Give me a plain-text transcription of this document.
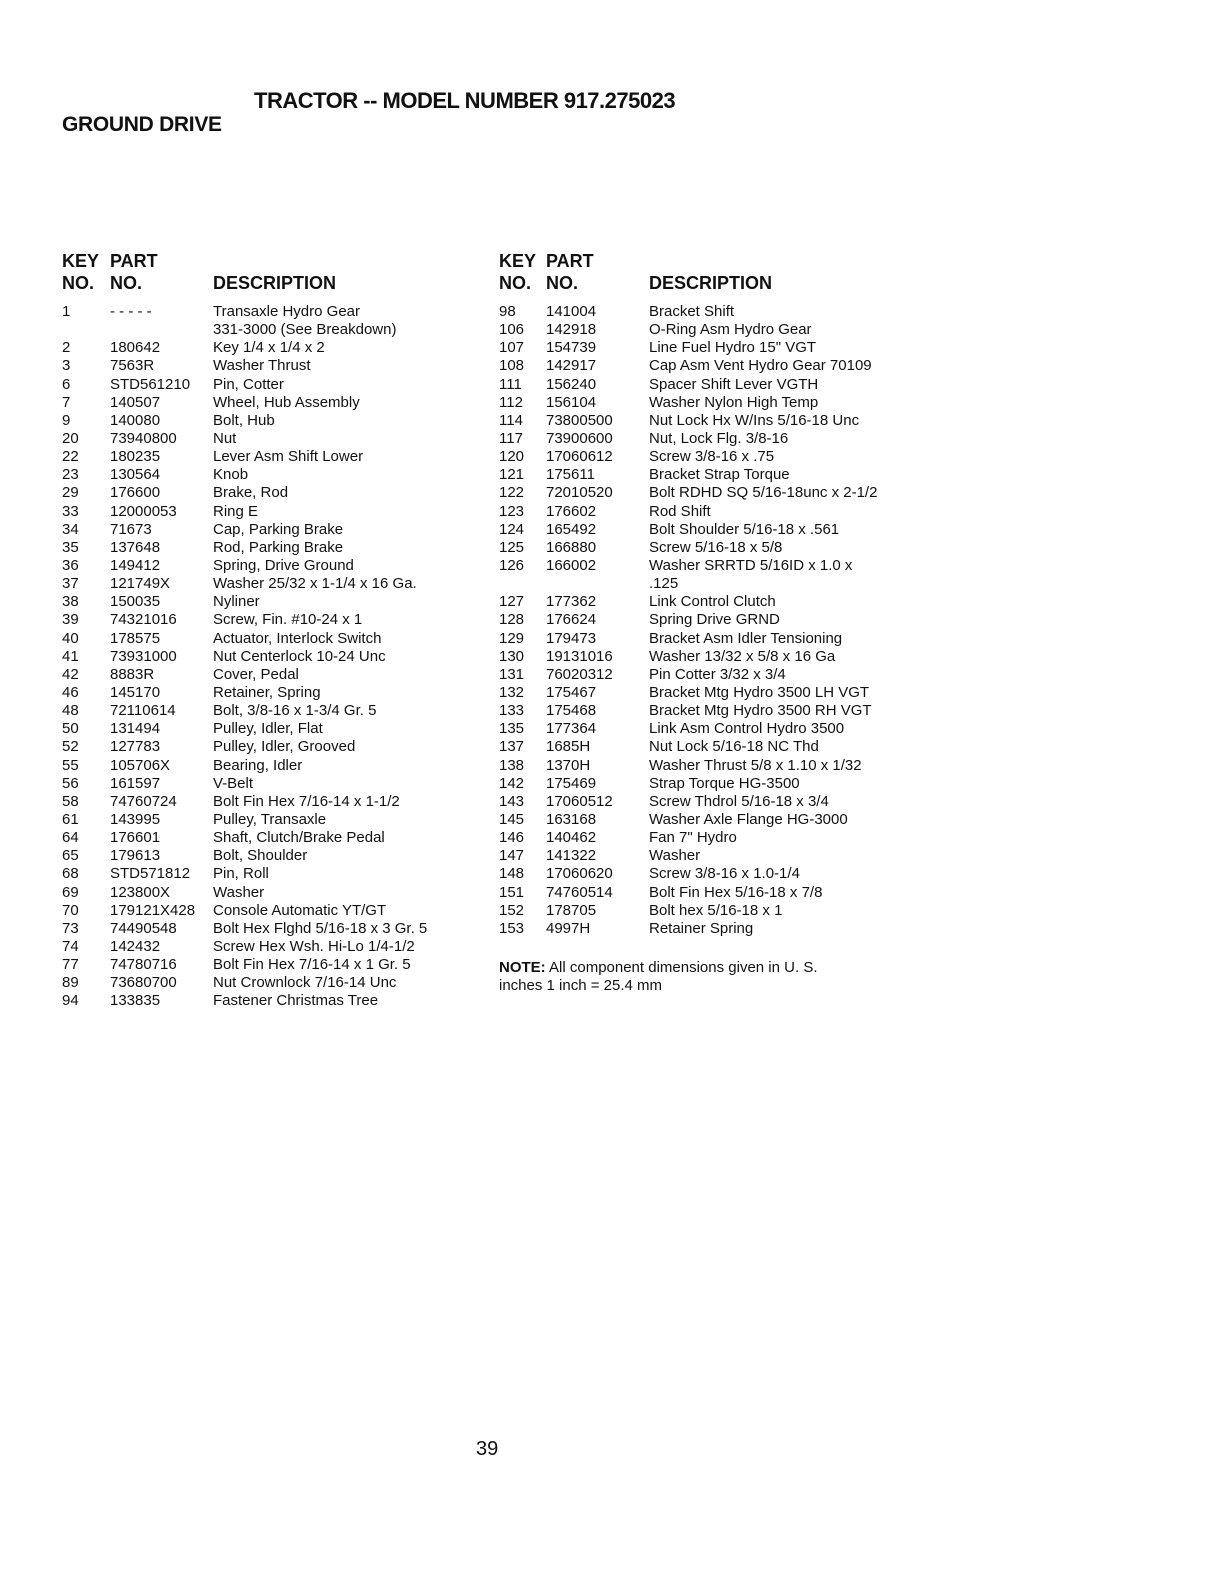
TRACTOR -- MODEL NUMBER 917.275023
GROUND DRIVE
KEY
NO.
PART
NO.	DESCRIPTION
1	- - - - -	Transaxle Hydro Gear
331-3000 (See Breakdown)
2	180642	Key 1/4 x 1/4 x 2
3	7563R	Washer Thrust
6	STD561210 Pin, Cotter
7	140507	Wheel, Hub Assembly
9	140080	Bolt, Hub
20 73940800 Nut
22 180235	Lever Asm Shift Lower
23 130564	Knob
29 176600	Brake, Rod
33 12000053 Ring E
34 71673	Cap, Parking Brake
35 137648	Rod, Parking Brake
36 149412	Spring, Drive Ground
37 121749X	Washer 25/32 x 1-1/4 x 16 Ga.
38 150035	Nyliner
39 74321016 Screw, Fin. #10-24 x 1
40 178575	Actuator, Interlock Switch
41 73931000 Nut Centerlock 10-24 Unc
42 8883R	Cover, Pedal
46 145170	Retainer, Spring
48 72110614 Bolt, 3/8-16 x 1-3/4 Gr. 5
50 131494	Pulley, Idler, Flat
52 127783	Pulley, Idler, Grooved
55 105706X	Bearing, Idler
56 161597	V-Belt
58 74760724 Bolt Fin Hex 7/16-14 x 1-1/2
61 143995	Pulley, Transaxle
64 176601	Shaft, Clutch/Brake Pedal
65 179613	Bolt, Shoulder
68 STD571812 Pin, Roll
69 123800X	Washer
70 179121X428 Console Automatic YT/GT
73 74490548 Bolt Hex Flghd 5/16-18 x 3 Gr. 5
74 142432	Screw Hex Wsh. Hi-Lo 1/4-1/2
77 74780716 Bolt Fin Hex 7/16-14 x 1 Gr. 5
89 73680700 Nut Crownlock 7/16-14 Unc
94 133835	Fastener Christmas Tree
KEY
NO.
PART
NO.	DESCRIPTION
98 141004	Bracket Shift
106 142918	O-Ring Asm Hydro Gear
107 154739	Line Fuel Hydro 15" VGT
108 142917	Cap Asm Vent Hydro Gear 70109
111 156240	Spacer Shift Lever VGTH
112 156104	Washer Nylon High Temp
114 73800500 Nut Lock Hx W/Ins 5/16-18 Unc
117 73900600 Nut, Lock Flg. 3/8-16
120 17060612 Screw 3/8-16 x .75
121 175611	Bracket Strap Torque
122 72010520 Bolt RDHD SQ 5/16-18unc x 2-1/2
123 176602	Rod Shift
124 165492	Bolt Shoulder 5/16-18 x .561
125 166880	Screw 5/16-18 x 5/8
126 166002	Washer SRRTD 5/16ID x 1.0 x
.125
127 177362	Link Control Clutch
128 176624	Spring Drive GRND
129 179473	Bracket Asm Idler Tensioning
130 19131016 Washer 13/32 x 5/8 x 16 Ga
131 76020312 Pin Cotter 3/32 x 3/4
132 175467	Bracket Mtg Hydro 3500 LH VGT
133 175468	Bracket Mtg Hydro 3500 RH VGT
135 177364	Link Asm Control Hydro 3500
137 1685H	Nut Lock 5/16-18 NC Thd
138 1370H	Washer Thrust 5/8 x 1.10 x 1/32
142 175469	Strap Torque HG-3500
143 17060512 Screw Thdrol 5/16-18 x 3/4
145 163168	Washer Axle Flange HG-3000
146 140462	Fan 7" Hydro
147 141322	Washer
148 17060620 Screw 3/8-16 x 1.0-1/4
151 74760514 Bolt Fin Hex 5/16-18 x 7/8
152 178705	Bolt hex 5/16-18 x 1
153 4997H	Retainer Spring
NOTE: All component dimensions given in U. S.
inches 1 inch = 25.4 mm
39
